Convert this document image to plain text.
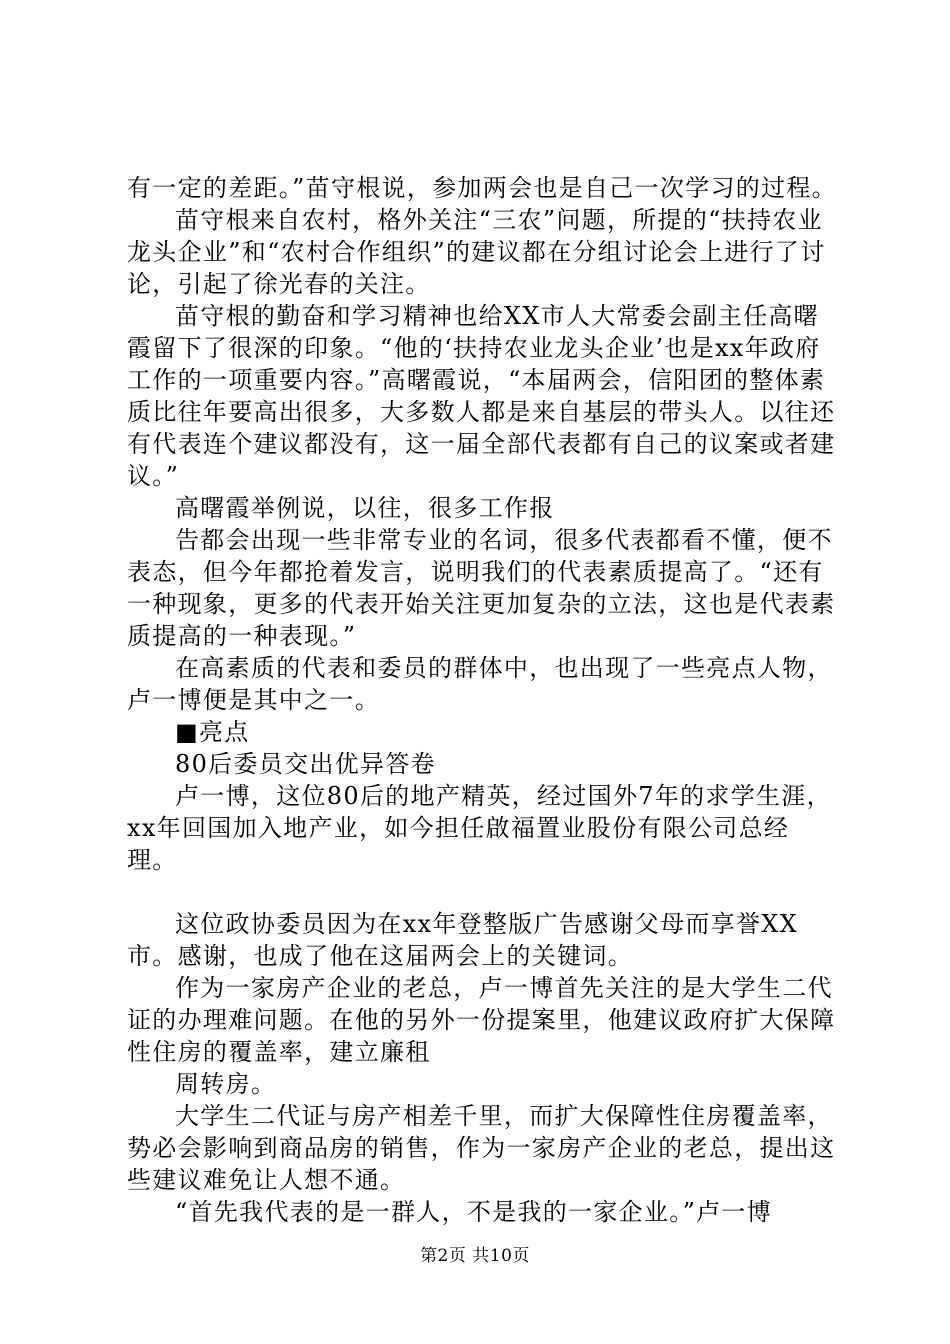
有一定的差距。”苗守根说，参加两会也是自己一次学习的过程。

苗守根来自农村，格外关注“三农”问题，所提的“扶持农业龙头企业”和“农村合作组织”的建议都在分组讨论会上进行了讨论，引起了徐光春的关注。

苗守根的勤奋和学习精神也给XX市人大常委会副主任高曙霞留下了很深的印象。“他的‘扶持农业龙头企业’也是xx年政府工作的一项重要内容。”高曙霞说，“本届两会，信阳团的整体素质比往年要高出很多，大多数人都是来自基层的带头人。以往还有代表连个建议都没有，这一届全部代表都有自己的议案或者建议。”

高曙霞举例说，以往，很多工作报

告都会出现一些非常专业的名词，很多代表都看不懂，便不表态，但今年都抢着发言，说明我们的代表素质提高了。“还有一种现象，更多的代表开始关注更加复杂的立法，这也是代表素质提高的一种表现。”

在高素质的代表和委员的群体中，也出现了一些亮点人物，卢一博便是其中之一。

■亮点

80后委员交出优异答卷

卢一博，这位80后的地产精英，经过国外7年的求学生涯，xx年回国加入地产业，如今担任啟福置业股份有限公司总经理。

这位政协委员因为在xx年登整版广告感谢父母而享誉XX市。感谢，也成了他在这届两会上的关键词。

作为一家房产企业的老总，卢一博首先关注的是大学生二代证的办理难问题。在他的另外一份提案里，他建议政府扩大保障性住房的覆盖率，建立廉租

周转房。

大学生二代证与房产相差千里，而扩大保障性住房覆盖率，势必会影响到商品房的销售，作为一家房产企业的老总，提出这些建议难免让人想不通。

“首先我代表的是一群人，不是我的一家企业。”卢一博

第2页 共10页
